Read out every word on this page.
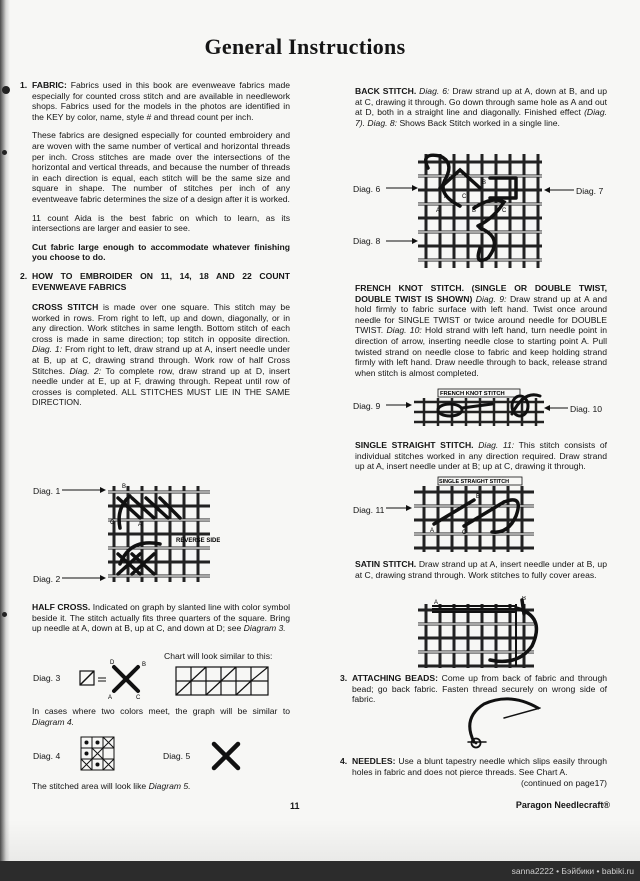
General Instructions

1. FABRIC: Fabrics used in this book are evenweave fabrics made especially for counted cross stitch and are available in needlework shops. Fabrics used for the models in the photos are identified in the KEY by color, name, style # and thread count per inch.

These fabrics are designed especially for counted embroidery and are woven with the same number of vertical and horizontal threads per inch. Cross stitches are made over the intersections of the horizontal and vertical threads, and because the number of threads in each direction is equal, each stitch will be the same size and square in shape. The number of stitches per inch of any eventweave fabric determines the size of a design after it is worked.

11 count Aida is the best fabric on which to learn, as its intersections are larger and easier to see.

Cut fabric large enough to accommodate whatever finishing you choose to do.

2. HOW TO EMBROIDER ON 11, 14, 18 AND 22 COUNT EVENWEAVE FABRICS

CROSS STITCH is made over one square. This stitch may be worked in rows. From right to left, up and down, diagonally, or in any direction. Work stitches in same length. Bottom stitch of each cross is made in same direction; top stitch in opposite direction. Diag. 1: From right to left, draw strand up at A, insert needle under at B, up at C, drawing strand through. Work row of half Cross Stitches. Diag. 2: To complete row, draw strand up at D, insert needle under at E, up at F, drawing through. Repeat until row of crosses is completed. ALL STITCHES MUST LIE IN THE SAME DIRECTION.

Diag. 1
Diag. 2
REVERSE SIDE
B
C	A

HALF CROSS. Indicated on graph by slanted line with color symbol beside it. The stitch actually fits three quarters of the square. Bring up needle at A, down at B, up at C, and down at D; see Diagram 3.

Chart will look similar to this:
Diag. 3
D	B
A	C

In cases where two colors meet, the graph will be similar to Diagram 4.

Diag. 4	Diag. 5

The stitched area will look like Diagram 5.

BACK STITCH. Diag. 6: Draw strand up at A, down at B, and up at C, drawing it through. Go down through same hole as A and out at D, both in a straight line and diagonally. Finished effect (Diag. 7). Diag. 8: Shows Back Stitch worked in a single line.

Diag. 6	Diag. 7
Diag. 8
A C
B
A	B	C

FRENCH KNOT STITCH. (SINGLE OR DOUBLE TWIST, DOUBLE TWIST IS SHOWN) Diag. 9: Draw strand up at A and hold firmly to fabric surface with left hand. Twist once around needle for SINGLE TWIST or twice around needle for DOUBLE TWIST. Diag. 10: Hold strand with left hand, turn needle point in direction of arrow, inserting needle close to starting point A. Pull twisted strand on needle close to fabric and keep holding strand firmly with left hand. Draw needle through to back, release strand when stitch is almost completed.

Diag. 9	Diag. 10
FRENCH KNOT STITCH

SINGLE STRAIGHT STITCH. Diag. 11: This stitch consists of individual stitches worked in any direction required. Draw strand up at A, insert needle under at B; up at C, drawing it through.

Diag. 11
SINGLE STRAIGHT STITCH
A
B
C

SATIN STITCH. Draw strand up at A, insert needle under at B, up at C, drawing strand through. Work stitches to fully cover areas.

A
B

3. ATTACHING BEADS: Come up from back of fabric and through bead; go back fabric. Fasten thread securely on wrong side of fabric.

4. NEEDLES: Use a blunt tapestry needle which slips easily through holes in fabric and does not pierce threads. See Chart A.

(continued on page17)

11	Paragon Needlecraft®
sanna2222 • Бэйбики • babiki.ru
